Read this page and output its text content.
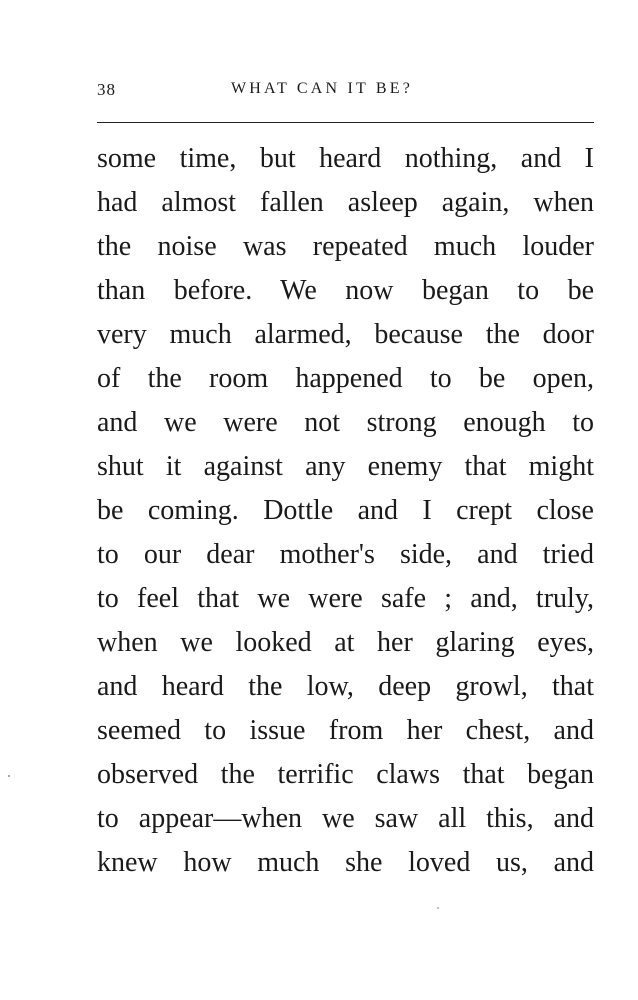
38	WHAT CAN IT BE?
some time, but heard nothing, and I
had almost fallen asleep again, when
the noise was repeated much louder
than before. We now began to be
very much alarmed, because the door
of the room happened to be open,
and we were not strong enough to
shut it against any enemy that might
be coming. Dottle and I crept close
to our dear mother's side, and tried
to feel that we were safe ; and, truly,
when we looked at her glaring eyes,
and heard the low, deep growl, that
seemed to issue from her chest, and
observed the terrific claws that began
to appear—when we saw all this, and
knew how much she loved us, and
